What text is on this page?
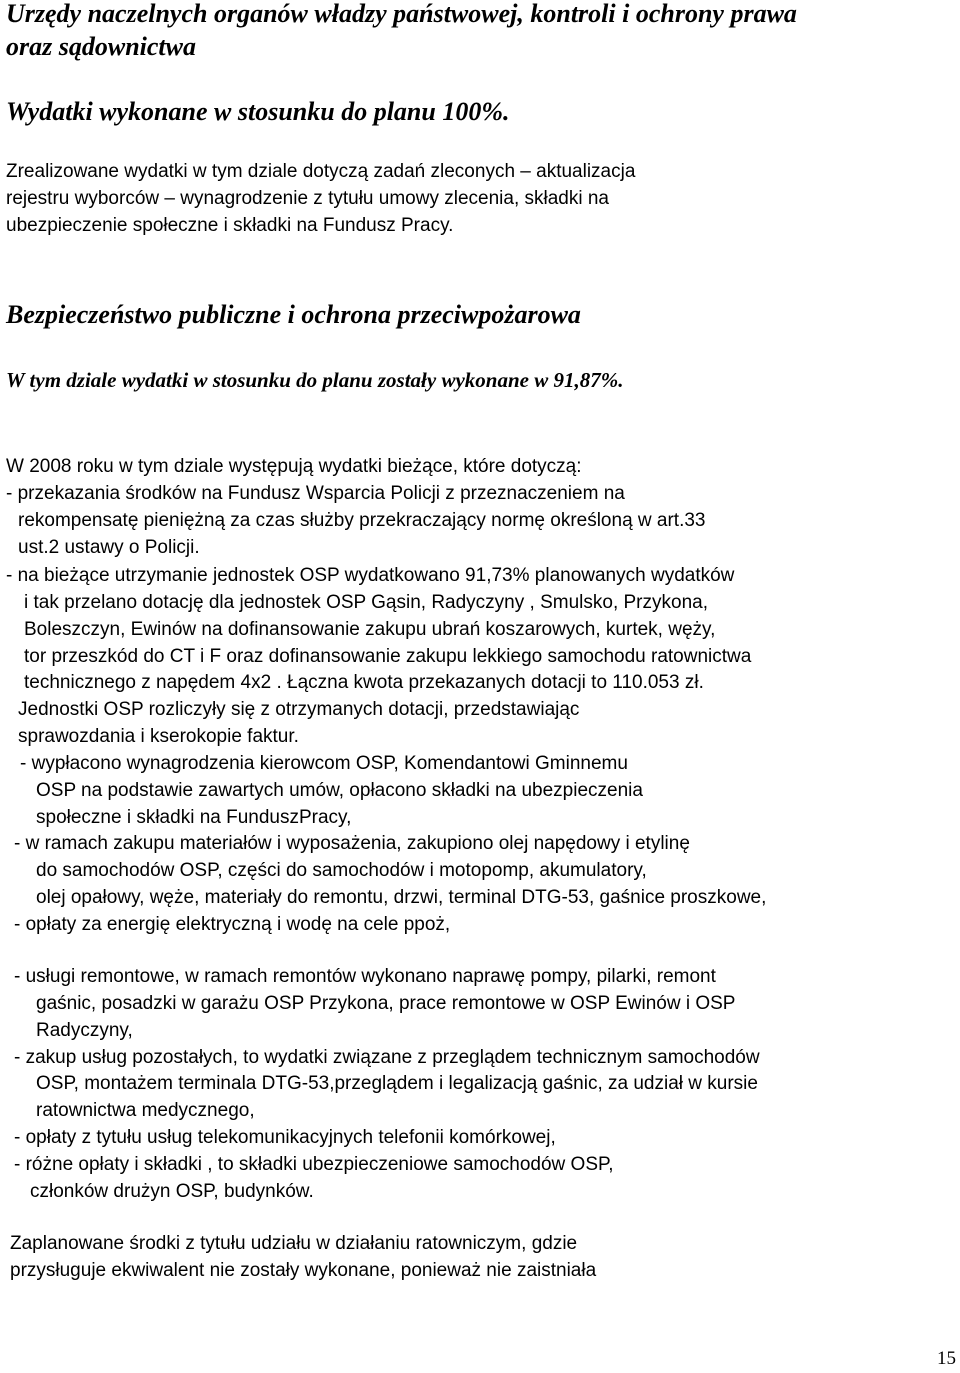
Urzędy naczelnych organów władzy państwowej, kontroli i ochrony prawa
oraz sądownictwa
Wydatki wykonane w stosunku do planu 100%.

Zrealizowane wydatki w tym dziale dotyczą zadań zleconych – aktualizacja

rejestru wyborców – wynagrodzenie z tytułu umowy zlecenia, składki na

ubezpieczenie społeczne i składki na Fundusz Pracy.

Bezpieczeństwo publiczne i ochrona przeciwpożarowa
W tym dziale wydatki w stosunku do planu zostały wykonane w 91,87%.

W 2008 roku w tym dziale występują wydatki bieżące, które dotyczą:

- przekazania środków na Fundusz Wsparcia Policji z przeznaczeniem na

rekompensatę pieniężną za czas służby przekraczający normę określoną w art.33

ust.2 ustawy o Policji.

- na bieżące utrzymanie jednostek OSP wydatkowano 91,73% planowanych wydatków

i tak przelano dotację dla jednostek OSP Gąsin, Radyczyny , Smulsko, Przykona,

Boleszczyn, Ewinów na dofinansowanie zakupu ubrań koszarowych, kurtek, węży,

tor przeszkód do CT i F oraz dofinansowanie zakupu lekkiego samochodu ratownictwa

technicznego z napędem 4x2 . Łączna kwota przekazanych dotacji to 110.053 zł.

Jednostki OSP rozliczyły się z otrzymanych dotacji, przedstawiając

sprawozdania i kserokopie faktur.

- wypłacono wynagrodzenia kierowcom OSP, Komendantowi Gminnemu

OSP na podstawie zawartych umów, opłacono składki na ubezpieczenia

społeczne i składki na FunduszPracy,

- w ramach zakupu materiałów i wyposażenia, zakupiono olej napędowy i etylinę

do samochodów OSP, części do samochodów i motopomp, akumulatory,

olej opałowy, węże, materiały do remontu, drzwi, terminal DTG-53, gaśnice proszkowe,

- opłaty za energię elektryczną i wodę na cele ppoż,

- usługi remontowe, w ramach remontów wykonano naprawę pompy, pilarki, remont

gaśnic, posadzki w garażu OSP Przykona, prace remontowe w OSP Ewinów i OSP

Radyczyny,

- zakup usług pozostałych, to wydatki związane z przeglądem technicznym samochodów

OSP, montażem terminala DTG-53,przeglądem i legalizacją gaśnic, za udział w kursie

ratownictwa medycznego,

- opłaty z tytułu usług telekomunikacyjnych telefonii komórkowej,

- różne opłaty i składki , to składki ubezpieczeniowe samochodów OSP,

członków drużyn OSP, budynków.

Zaplanowane środki z tytułu udziału w działaniu ratowniczym, gdzie

przysługuje ekwiwalent nie zostały wykonane, ponieważ nie zaistniała

15
